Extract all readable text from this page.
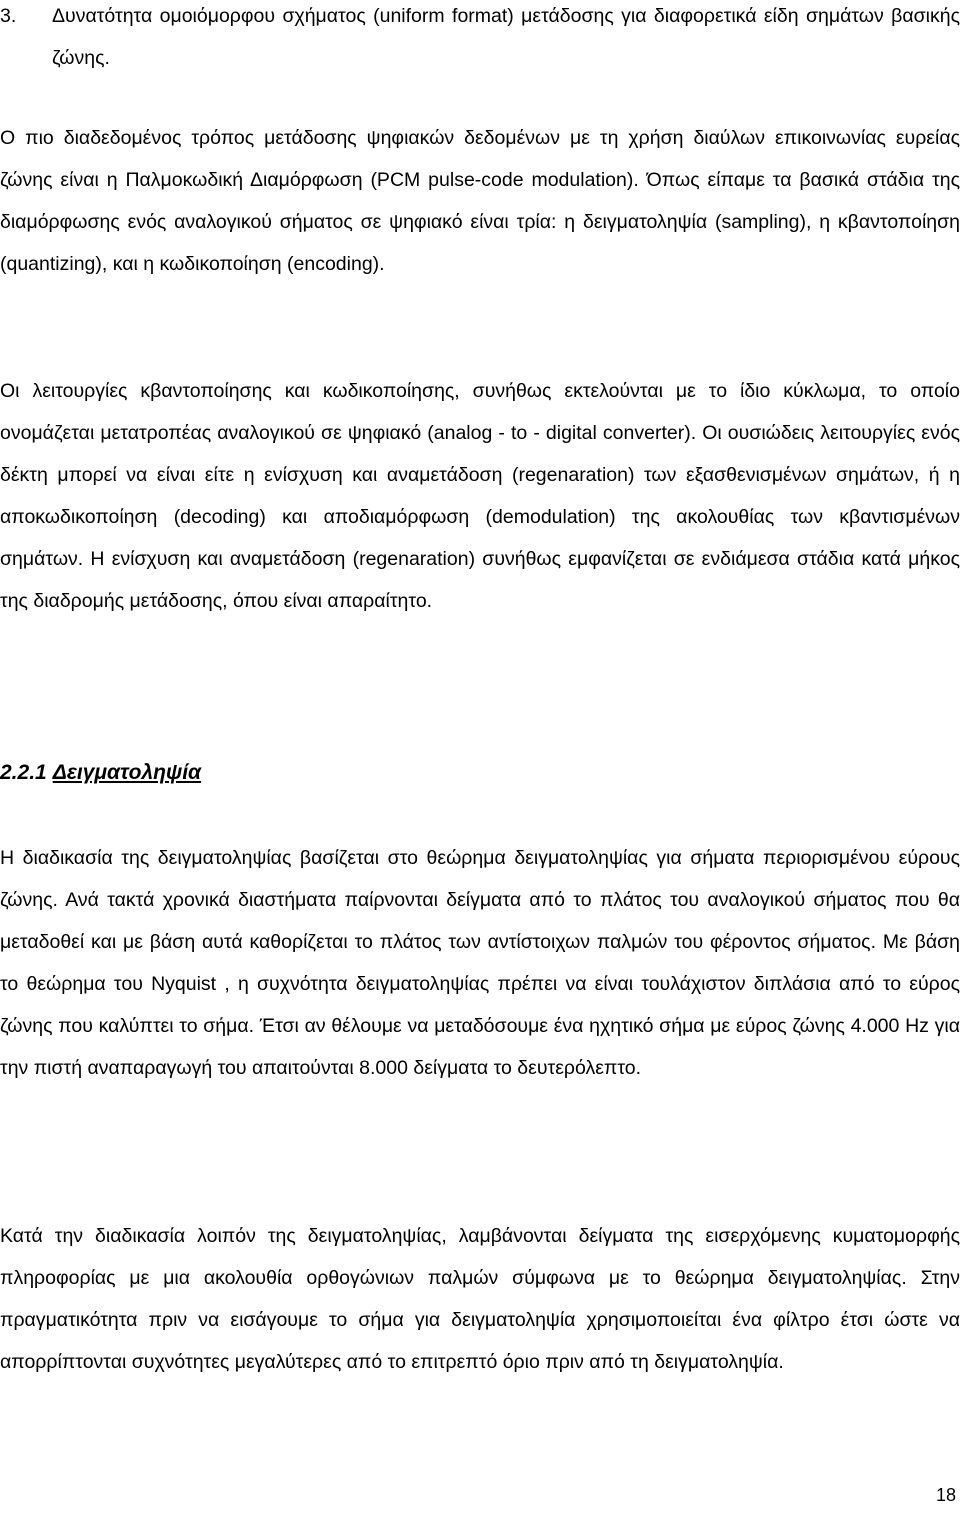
3.	Δυνατότητα ομοιόμορφου σχήματος (uniform format) μετάδοσης για διαφορετικά είδη σημάτων βασικής ζώνης.

Ο πιο διαδεδομένος τρόπος μετάδοσης ψηφιακών δεδομένων με τη χρήση διαύλων επικοινωνίας ευρείας ζώνης είναι η Παλμοκωδική Διαμόρφωση (PCM pulse-code modulation). Όπως είπαμε τα βασικά στάδια της διαμόρφωσης ενός αναλογικού σήματος σε ψηφιακό είναι τρία: η δειγματοληψία (sampling), η κβαντοποίηση (quantizing), και η κωδικοποίηση (encoding).

Οι λειτουργίες κβαντοποίησης και κωδικοποίησης, συνήθως εκτελούνται με το ίδιο κύκλωμα, το οποίο ονομάζεται μετατροπέας αναλογικού σε ψηφιακό (analog - to - digital converter). Οι ουσιώδεις λειτουργίες ενός δέκτη μπορεί να είναι είτε η ενίσχυση και αναμετάδοση (regenaration) των εξασθενισμένων σημάτων, ή η αποκωδικοποίηση (decoding) και αποδιαμόρφωση (demodulation) της ακολουθίας των κβαντισμένων σημάτων. Η ενίσχυση και αναμετάδοση (regenaration) συνήθως εμφανίζεται σε ενδιάμεσα στάδια κατά μήκος της διαδρομής μετάδοσης, όπου είναι απαραίτητο.

2.2.1 Δειγματοληψία

Η διαδικασία της δειγματοληψίας βασίζεται στο θεώρημα δειγματοληψίας για σήματα περιορισμένου εύρους ζώνης. Ανά τακτά χρονικά διαστήματα παίρνονται δείγματα από το πλάτος του αναλογικού σήματος που θα μεταδοθεί και με βάση αυτά καθορίζεται το πλάτος των αντίστοιχων παλμών του φέροντος σήματος. Με βάση το θεώρημα του Nyquist , η συχνότητα δειγματοληψίας πρέπει να είναι τουλάχιστον διπλάσια από το εύρος ζώνης που καλύπτει το σήμα. Έτσι αν θέλουμε να μεταδόσουμε ένα ηχητικό σήμα με εύρος ζώνης 4.000 Hz για την πιστή αναπαραγωγή του απαιτούνται 8.000 δείγματα το δευτερόλεπτο.

Κατά την διαδικασία λοιπόν της δειγματοληψίας, λαμβάνονται δείγματα της εισερχόμενης κυματομορφής πληροφορίας με μια ακολουθία ορθογώνιων παλμών σύμφωνα με το θεώρημα δειγματοληψίας. Στην πραγματικότητα πριν να εισάγουμε το σήμα για δειγματοληψία χρησιμοποιείται ένα φίλτρο έτσι ώστε να απορρίπτονται συχνότητες μεγαλύτερες από το επιτρεπτό όριο πριν από τη δειγματοληψία.

18
